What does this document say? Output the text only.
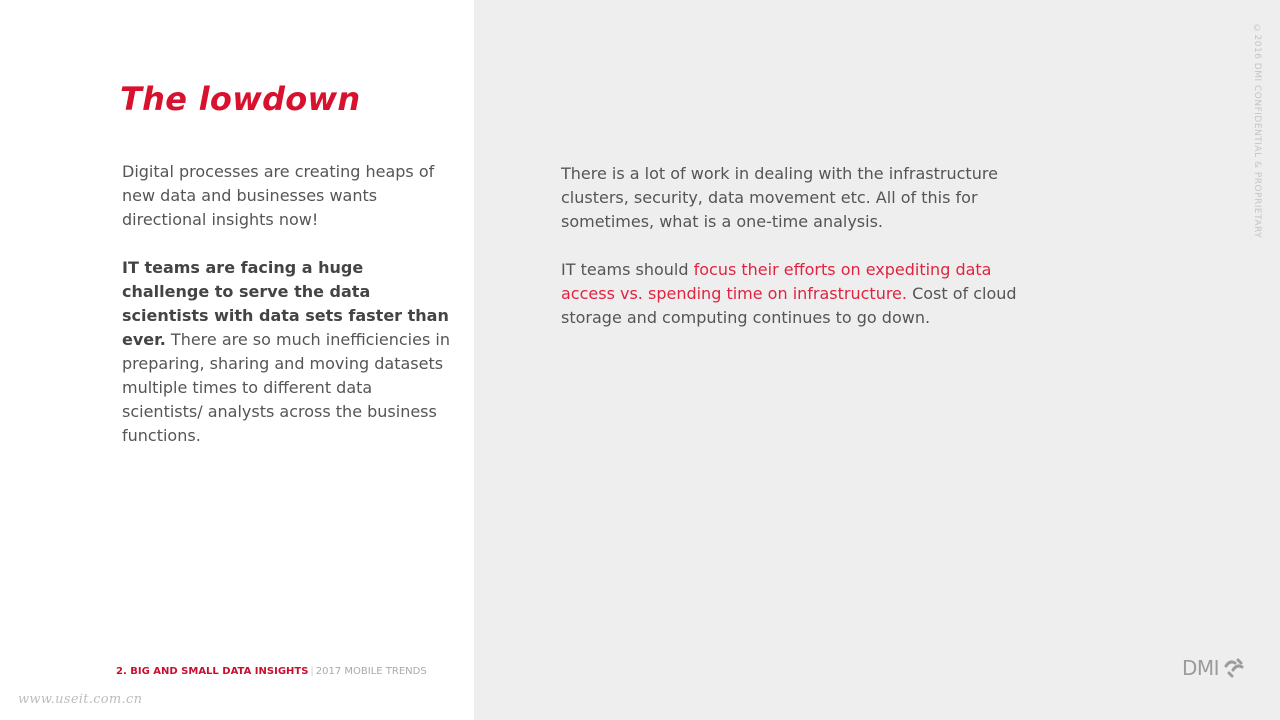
The lowdown
Digital processes are creating heaps of new data and businesses wants directional insights now!
IT teams are facing a huge challenge to serve the data scientists with data sets faster than ever. There are so much inefficiencies in preparing, sharing and moving datasets multiple times to different data scientists/ analysts across the business functions.
There is a lot of work in dealing with the infrastructure clusters, security, data movement etc. All of this for sometimes, what is a one-time analysis.
IT teams should focus their efforts on expediting data access vs. spending time on infrastructure. Cost of cloud storage and computing continues to go down.
2. BIG AND SMALL DATA INSIGHTS | 2017 MOBILE TRENDS
©2016 DMI CONFIDENTIAL & PROPRIETARY
DMI
www.useit.com.cn
